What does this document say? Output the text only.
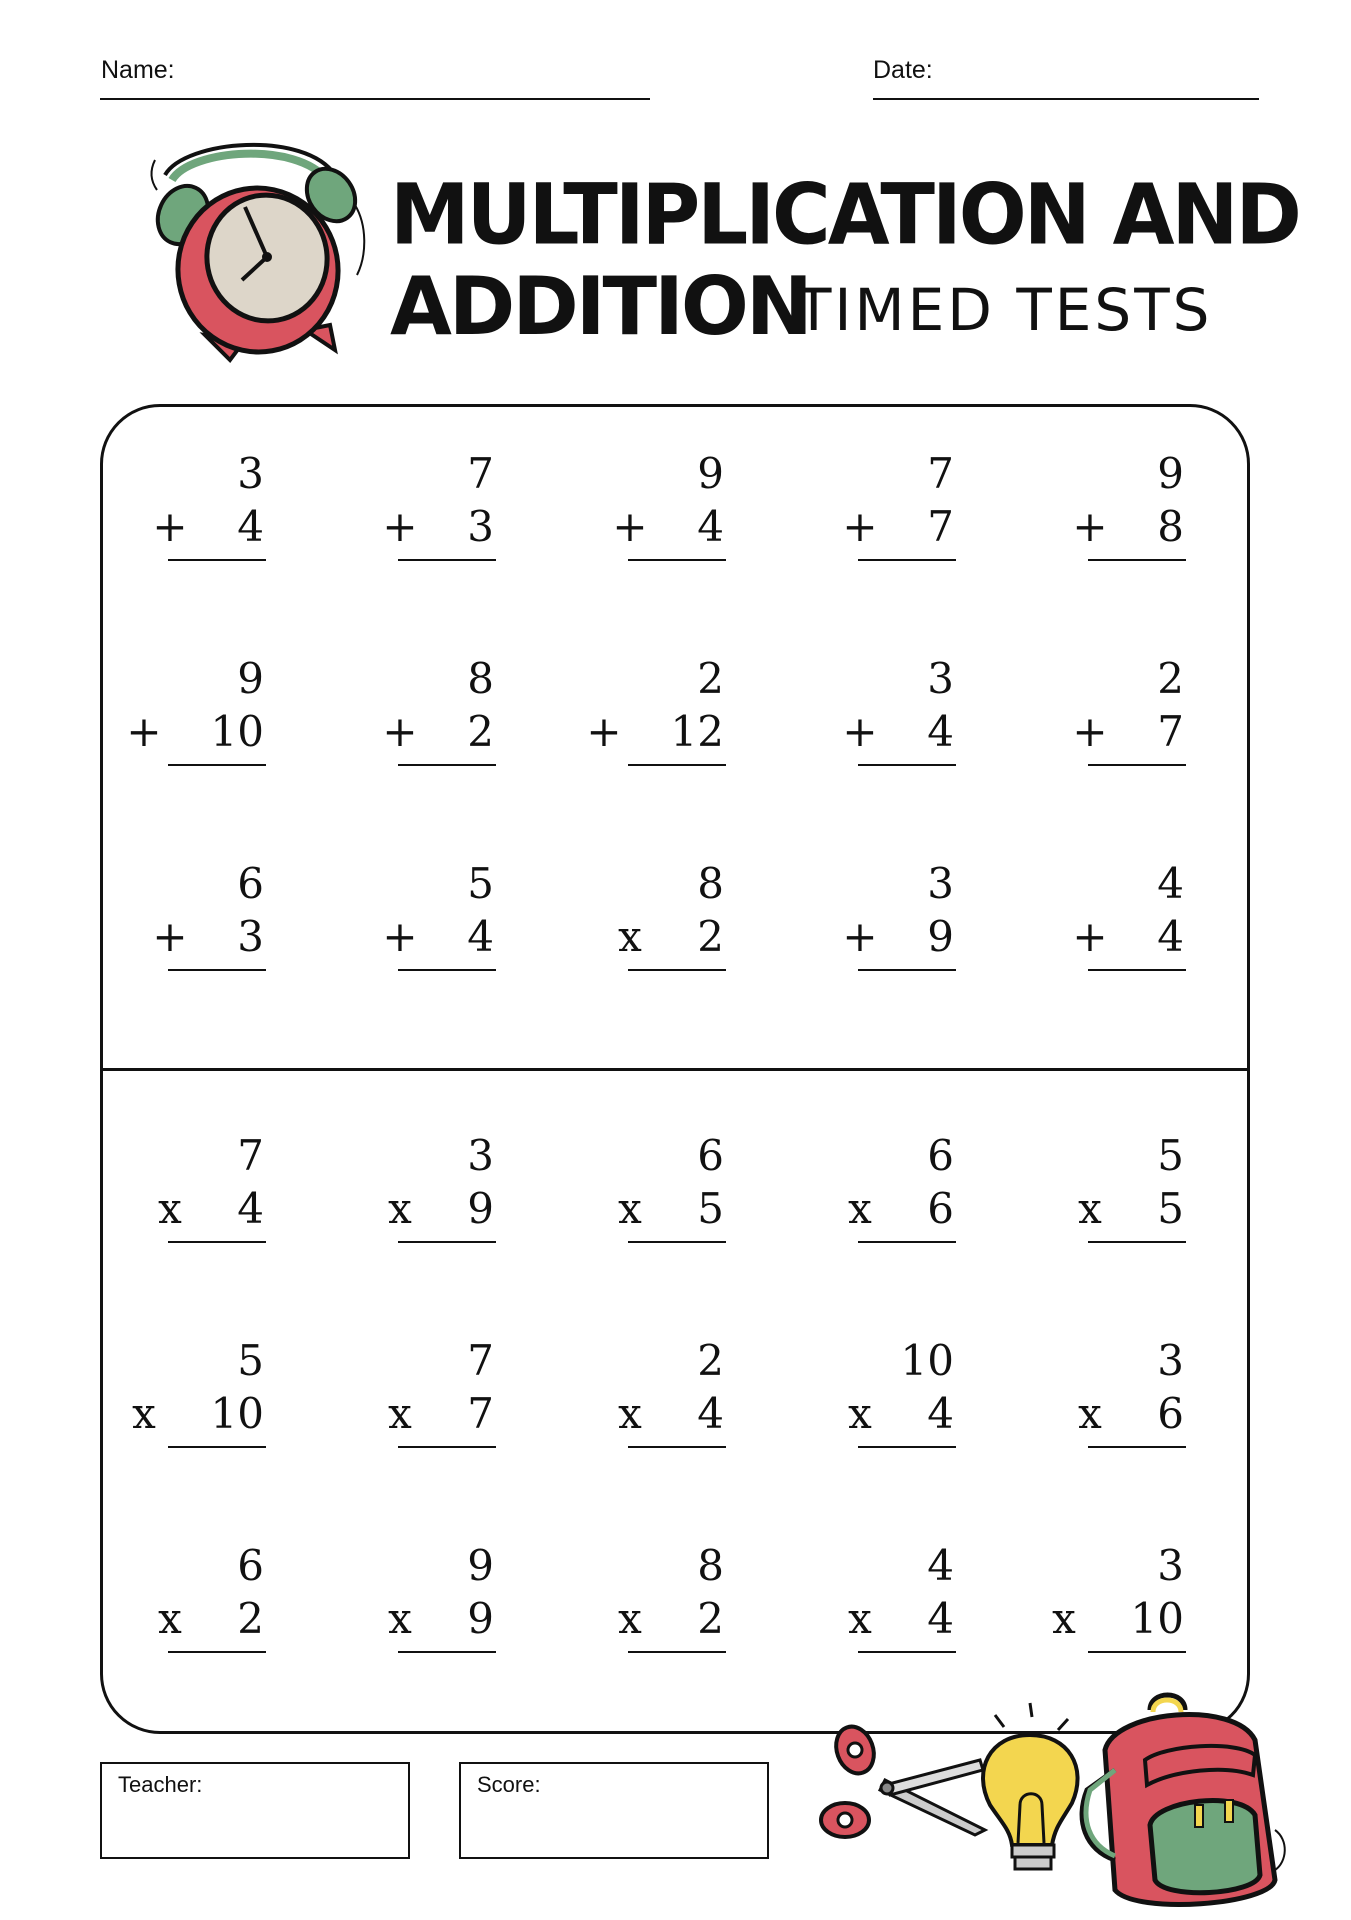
Name:	Date:
MULTIPLICATION AND
ADDITION
TIMED TESTS
3
+ 4
7
+ 3
9
+ 4
7
+ 7
9
+ 8
9
+ 10
8
+ 2
2
+ 12
3
+ 4
2
+ 7
6
+ 3
5
+ 4
8
x	2
3
+ 9
4
+ 4
7
x	4
3
x	9
6
x	5
6
x	6
5
x	5
5
x	10
7
x	7
2
x	4
10
x	4
3
x	6
6
x	2
9
x	9
8
x	2
4
x	4
3
x	10
Teacher:	Score:
